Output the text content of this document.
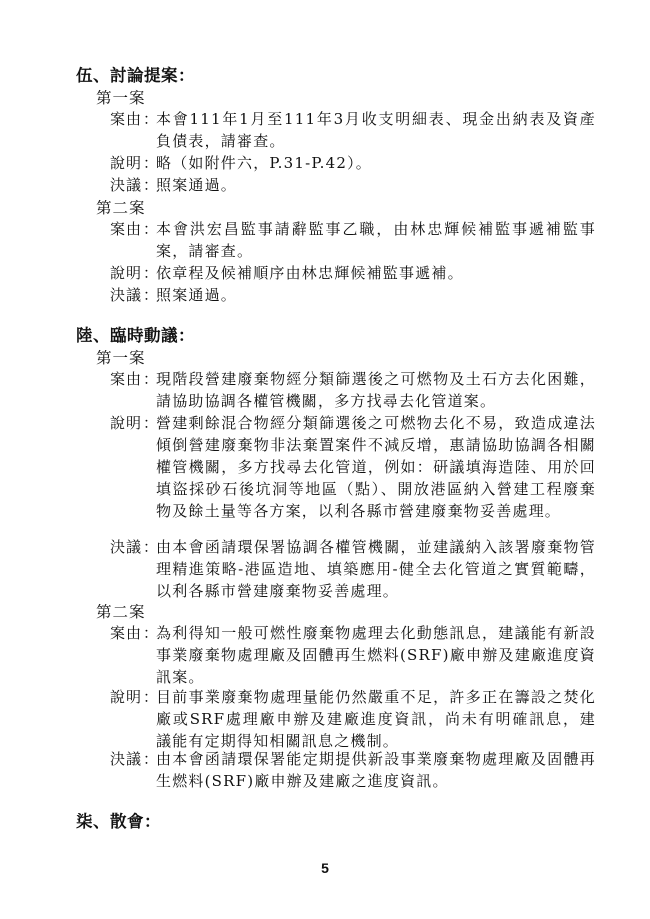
伍、討論提案：
第一案
案由 ：
本會111年1月至111年3月收支明細表、現金出納表及資產負債表，請審查。
說明 ：
略（如附件六，P.31-P.42）。
決議 ：
照案通過。
第二案
案由 ：
本會洪宏昌監事請辭監事乙職，由林忠輝候補監事遞補監事案，請審查。
說明 ：
依章程及候補順序由林忠輝候補監事遞補。
決議 ：
照案通過。
陸、臨時動議：
第一案
案由 ：
現階段營建廢棄物經分類篩選後之可燃物及土石方去化困難，請協助協調各權管機關，多方找尋去化管道案。
說明 ：
營建剩餘混合物經分類篩選後之可燃物去化不易，致造成違法傾倒營建廢棄物非法棄置案件不減反增，惠請協助協調各相關權管機關，多方找尋去化管道，例如：研議填海造陸、用於回填盜採砂石後坑洞等地區（點）、開放港區納入營建工程廢棄物及餘土量等各方案，以利各縣市營建廢棄物妥善處理。
決議 ：
由本會函請環保署協調各權管機關，並建議納入該署廢棄物管理精進策略-港區造地、填築應用-健全去化管道之實質範疇，以利各縣市營建廢棄物妥善處理。
第二案
案由 ：
為利得知一般可燃性廢棄物處理去化動態訊息，建議能有新設事業廢棄物處理廠及固體再生燃料(SRF)廠申辦及建廠進度資訊案。
說明 ：
目前事業廢棄物處理量能仍然嚴重不足，許多正在籌設之焚化廠或SRF處理廠申辦及建廠進度資訊，尚未有明確訊息，建議能有定期得知相關訊息之機制。
決議 ：
由本會函請環保署能定期提供新設事業廢棄物處理廠及固體再生燃料(SRF)廠申辦及建廠之進度資訊。
柒、散會：
5
